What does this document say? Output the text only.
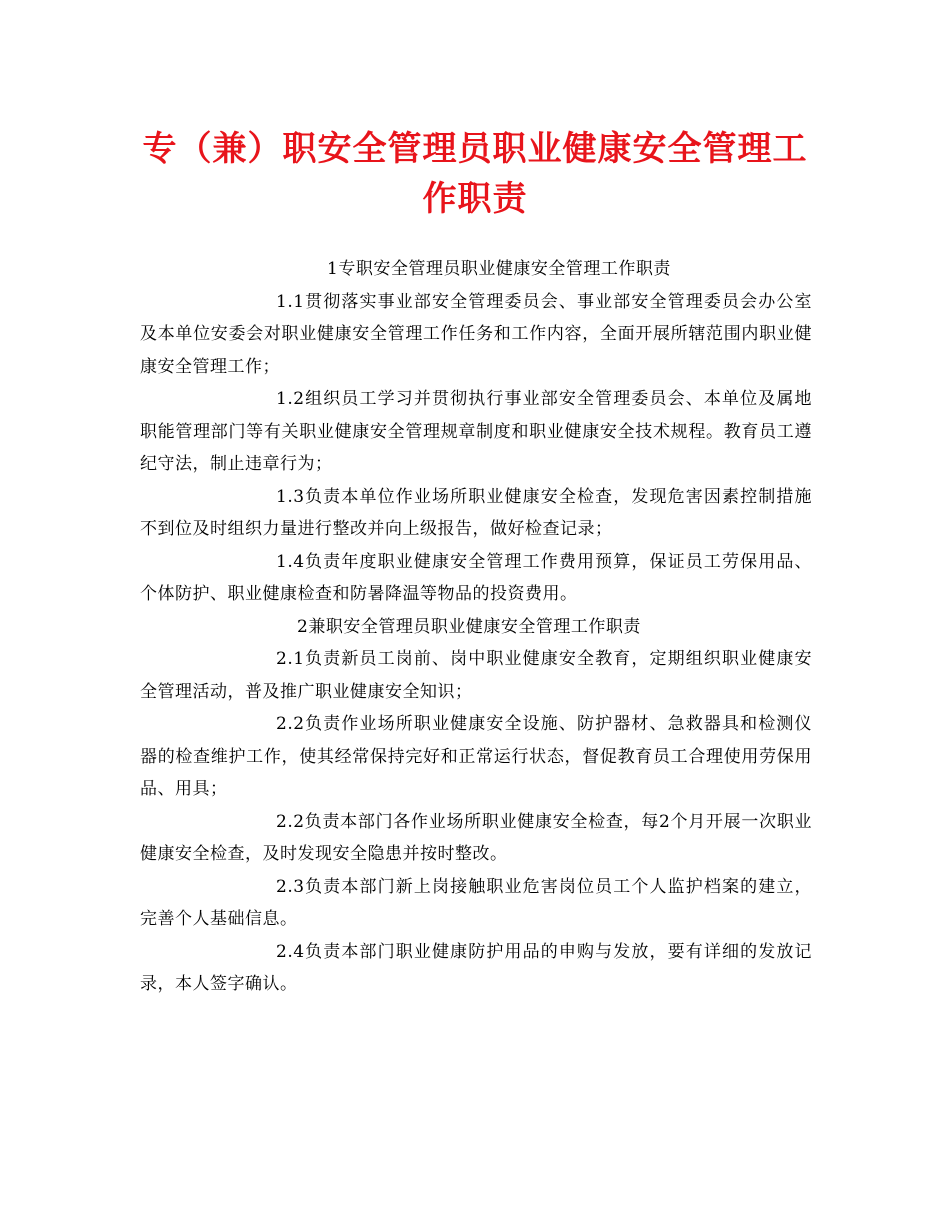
专（兼）职安全管理员职业健康安全管理工作职责

1专职安全管理员职业健康安全管理工作职责

1.1贯彻落实事业部安全管理委员会、事业部安全管理委员会办公室及本单位安委会对职业健康安全管理工作任务和工作内容，全面开展所辖范围内职业健康安全管理工作；

1.2组织员工学习并贯彻执行事业部安全管理委员会、本单位及属地职能管理部门等有关职业健康安全管理规章制度和职业健康安全技术规程。教育员工遵纪守法，制止违章行为；

1.3负责本单位作业场所职业健康安全检查，发现危害因素控制措施不到位及时组织力量进行整改并向上级报告，做好检查记录；

1.4负责年度职业健康安全管理工作费用预算，保证员工劳保用品、个体防护、职业健康检查和防暑降温等物品的投资费用。

2兼职安全管理员职业健康安全管理工作职责

2.1负责新员工岗前、岗中职业健康安全教育，定期组织职业健康安全管理活动，普及推广职业健康安全知识；

2.2负责作业场所职业健康安全设施、防护器材、急救器具和检测仪器的检查维护工作，使其经常保持完好和正常运行状态，督促教育员工合理使用劳保用品、用具；

2.2负责本部门各作业场所职业健康安全检查，每2个月开展一次职业健康安全检查，及时发现安全隐患并按时整改。

2.3负责本部门新上岗接触职业危害岗位员工个人监护档案的建立，完善个人基础信息。

2.4负责本部门职业健康防护用品的申购与发放，要有详细的发放记录，本人签字确认。
